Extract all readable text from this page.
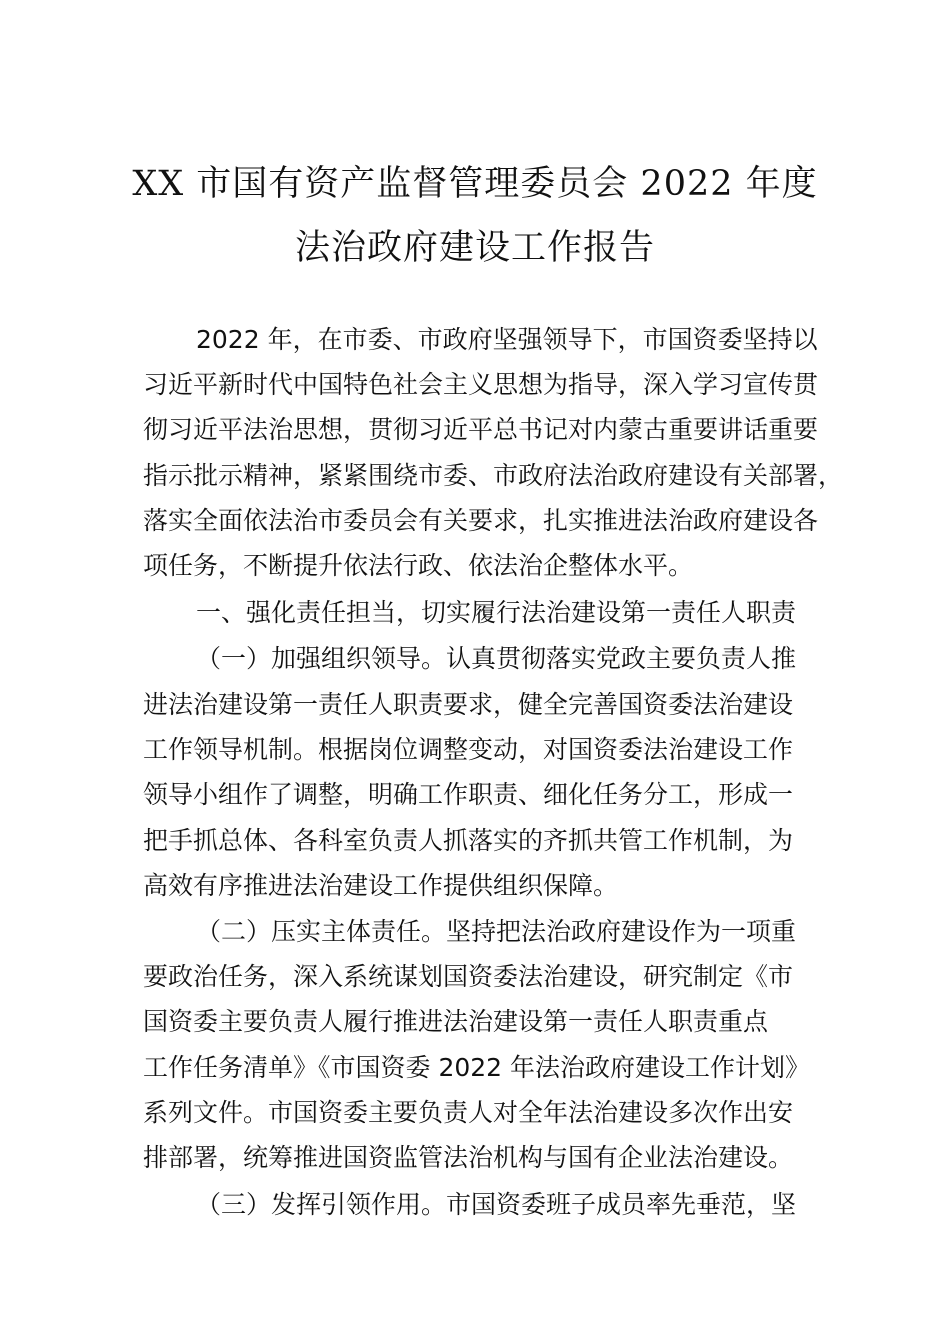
XX 市国有资产监督管理委员会 2022 年度
法治政府建设工作报告
2022 年，在市委、市政府坚强领导下，市国资委坚持以
习近平新时代中国特色社会主义思想为指导，深入学习宣传贯
彻习近平法治思想，贯彻习近平总书记对内蒙古重要讲话重要
指示批示精神，紧紧围绕市委、市政府法治政府建设有关部署，
落实全面依法治市委员会有关要求，扎实推进法治政府建设各
项任务，不断提升依法行政、依法治企整体水平。
一、强化责任担当，切实履行法治建设第一责任人职责
（一）加强组织领导。认真贯彻落实党政主要负责人推
进法治建设第一责任人职责要求，健全完善国资委法治建设
工作领导机制。根据岗位调整变动，对国资委法治建设工作
领导小组作了调整，明确工作职责、细化任务分工，形成一
把手抓总体、各科室负责人抓落实的齐抓共管工作机制，为
高效有序推进法治建设工作提供组织保障。
（二）压实主体责任。坚持把法治政府建设作为一项重
要政治任务，深入系统谋划国资委法治建设，研究制定《市
国资委主要负责人履行推进法治建设第一责任人职责重点
工作任务清单》《市国资委 2022 年法治政府建设工作计划》
系列文件。市国资委主要负责人对全年法治建设多次作出安
排部署，统筹推进国资监管法治机构与国有企业法治建设。
（三）发挥引领作用。市国资委班子成员率先垂范，坚
